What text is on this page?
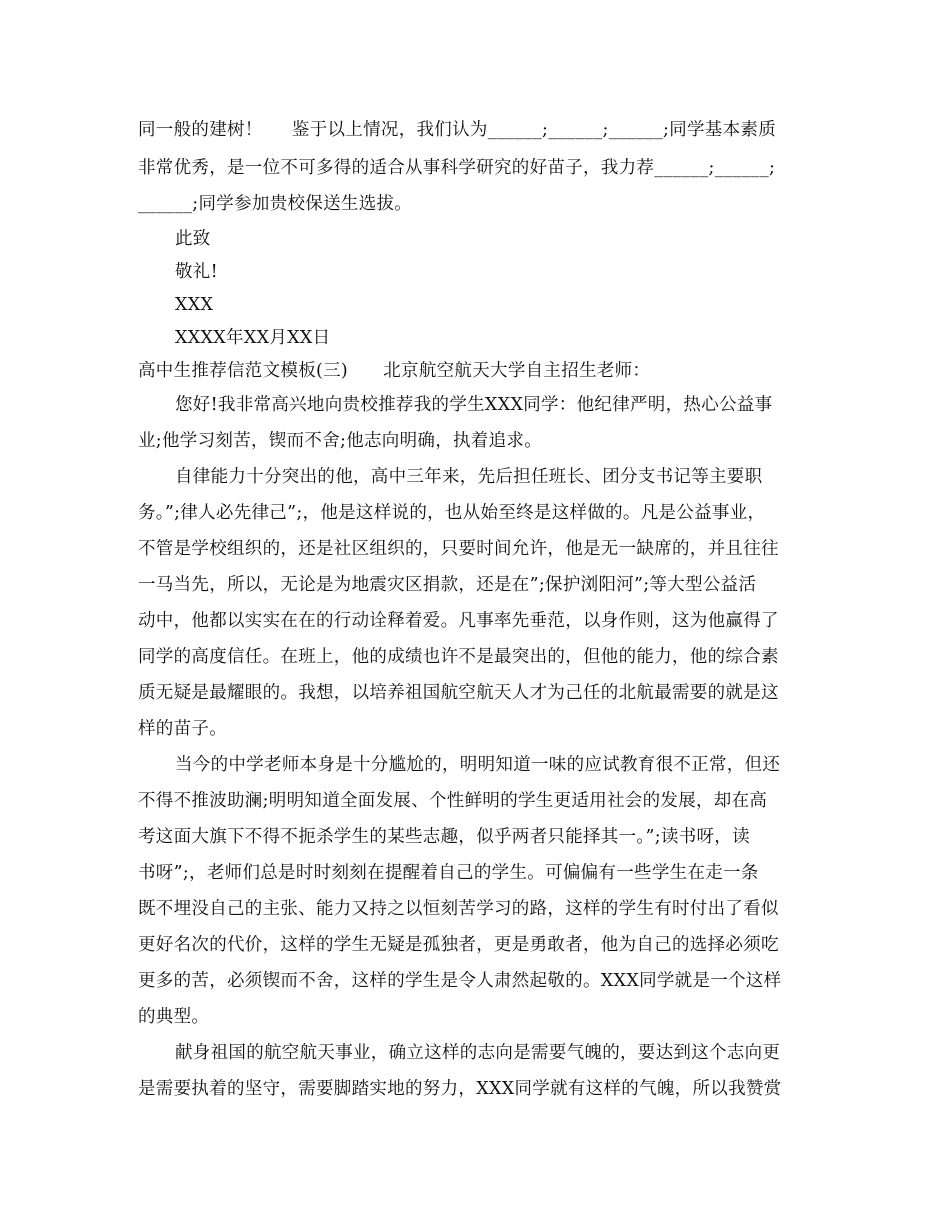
同一般的建树！     鉴于以上情况，我们认为______;______;______;同学基本素质
非常优秀，是一位不可多得的适合从事科学研究的好苗子，我力荐______;______;
______;同学参加贵校保送生选拔。
此致
敬礼!
XXX
XXXX年XX月XX日
高中生推荐信范文模板(三)      北京航空航天大学自主招生老师：
您好!我非常高兴地向贵校推荐我的学生XXX同学：他纪律严明，热心公益事
业;他学习刻苦，锲而不舍;他志向明确，执着追求。
自律能力十分突出的他，高中三年来，先后担任班长、团分支书记等主要职
务。”;律人必先律己”;，他是这样说的，也从始至终是这样做的。凡是公益事业，
不管是学校组织的，还是社区组织的，只要时间允许，他是无一缺席的，并且往往
一马当先，所以，无论是为地震灾区捐款，还是在”;保护浏阳河”;等大型公益活
动中，他都以实实在在的行动诠释着爱。凡事率先垂范，以身作则，这为他赢得了
同学的高度信任。在班上，他的成绩也许不是最突出的，但他的能力，他的综合素
质无疑是最耀眼的。我想，以培养祖国航空航天人才为己任的北航最需要的就是这
样的苗子。
当今的中学老师本身是十分尴尬的，明明知道一味的应试教育很不正常，但还
不得不推波助澜;明明知道全面发展、个性鲜明的学生更适用社会的发展，却在高
考这面大旗下不得不扼杀学生的某些志趣，似乎两者只能择其一。”;读书呀，读
书呀”;，老师们总是时时刻刻在提醒着自己的学生。可偏偏有一些学生在走一条
既不埋没自己的主张、能力又持之以恒刻苦学习的路，这样的学生有时付出了看似
更好名次的代价，这样的学生无疑是孤独者，更是勇敢者，他为自己的选择必须吃
更多的苦，必须锲而不舍，这样的学生是令人肃然起敬的。XXX同学就是一个这样
的典型。
献身祖国的航空航天事业，确立这样的志向是需要气魄的，要达到这个志向更
是需要执着的坚守，需要脚踏实地的努力，XXX同学就有这样的气魄，所以我赞赏
